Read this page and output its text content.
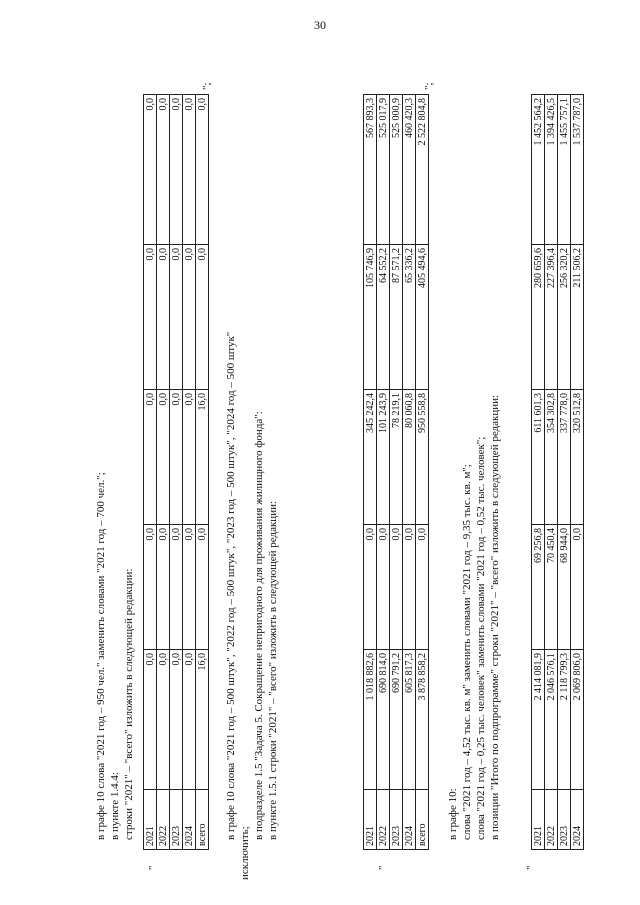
30
в графе 10 слова "2021 год – 950 чел." заменить словами "2021 год – 700 чел."; в пункте 1.4.4: строки "2021" – "всего" изложить в следующей редакции:
"
2021	0,0	0,0	0,0	0,0	0,0
2022	0,0	0,0	0,0	0,0	0,0
2023	0,0	0,0	0,0	0,0	0,0
2024	0,0	0,0	0,0	0,0	0,0
всего	16,0	0,0	16,0	0,0	0,0
";
в графе 10 слова "2021 год – 500 штук", "2022 год – 500 штук", "2023 год – 500 штук", "2024 год – 500 штук"
исключить;
в подразделе 1.5 "Задача 5. Сокращение непригодного для проживания жилищного фонда": в пункте 1.5.1 строки "2021" – "всего" изложить в следующей редакции:
"
2021	1 018 882,6	0,0	345 242,4	105 746,9	567 893,3
2022	690 814,0	0,0	101 243,9	64 552,2	525 017,9
2023	690 791,2	0,0	78 219,1	87 571,2	525 000,9
2024	605 817,3	0,0	80 060,8	65 336,2	460 420,3
всего	3 878 858,2	0,0	950 558,8	405 494,6	2 522 804,8
";
в графе 10: слова "2021 год – 4,52 тыс. кв. м" заменить словами "2021 год – 9,35 тыс. кв. м"; слова "2021 год – 0,25 тыс. человек" заменить словами "2021 год – 0,52 тыс. человек"; в позиции "Итого по подпрограмме" строки "2021" – "всего" изложить в следующей редакции:
"
2021	2 414 081,9	69 256,8	611 601,3	280 659,6	1 452 564,2
2022	2 046 576,1	70 450,4	354 302,8	227 396,4	1 394 426,5
2023	2 118 799,3	68 944,0	337 778,0	256 320,2	1 455 757,1
2024	2 069 806,0	0,0	320 512,8	211 506,2	1 537 787,0
